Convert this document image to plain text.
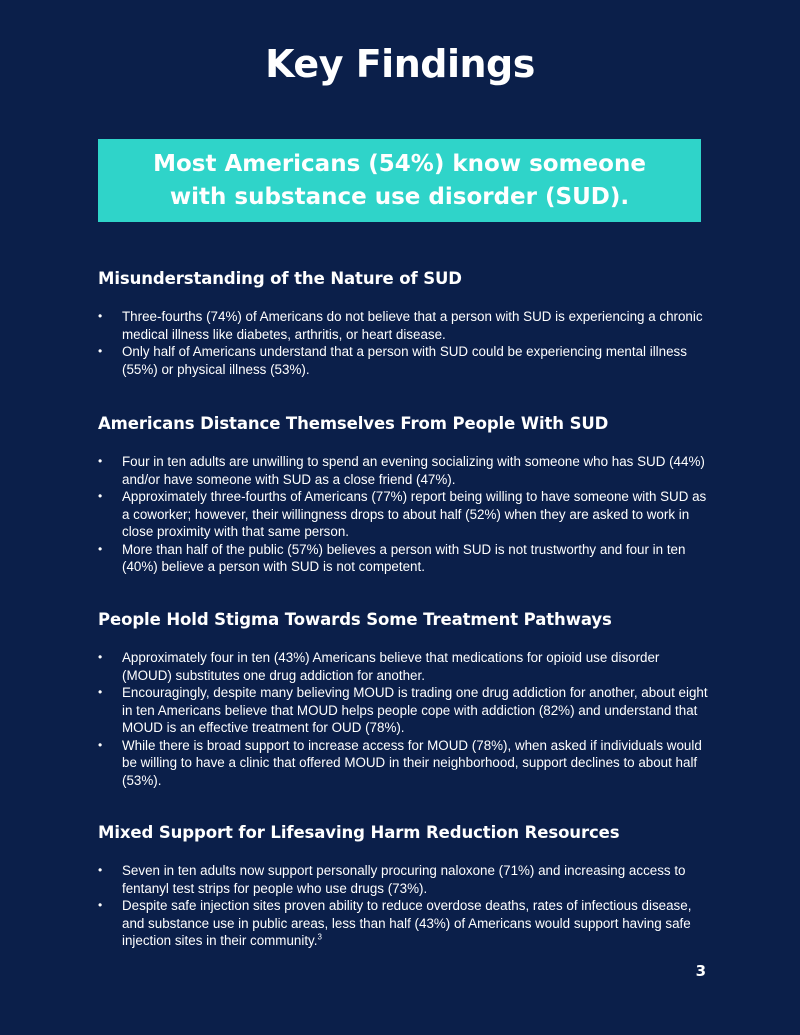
Key Findings

Most Americans (54%) know someone
with substance use disorder (SUD).

Misunderstanding of the Nature of SUD
• Three-fourths (74%) of Americans do not believe that a person with SUD is experiencing a chronic medical illness like diabetes, arthritis, or heart disease.
• Only half of Americans understand that a person with SUD could be experiencing mental illness (55%) or physical illness (53%).
Americans Distance Themselves From People With SUD
• Four in ten adults are unwilling to spend an evening socializing with someone who has SUD (44%) and/or have someone with SUD as a close friend (47%).
• Approximately three-fourths of Americans (77%) report being willing to have someone with SUD as a coworker; however, their willingness drops to about half (52%) when they are asked to work in close proximity with that same person.
• More than half of the public (57%) believes a person with SUD is not trustworthy and four in ten (40%) believe a person with SUD is not competent.
People Hold Stigma Towards Some Treatment Pathways
• Approximately four in ten (43%) Americans believe that medications for opioid use disorder (MOUD) substitutes one drug addiction for another.
• Encouragingly, despite many believing MOUD is trading one drug addiction for another, about eight in ten Americans believe that MOUD helps people cope with addiction (82%) and understand that MOUD is an effective treatment for OUD (78%).
• While there is broad support to increase access for MOUD (78%), when asked if individuals would be willing to have a clinic that offered MOUD in their neighborhood, support declines to about half (53%).
Mixed Support for Lifesaving Harm Reduction Resources
• Seven in ten adults now support personally procuring naloxone (71%) and increasing access to fentanyl test strips for people who use drugs (73%).
• Despite safe injection sites proven ability to reduce overdose deaths, rates of infectious disease, and substance use in public areas, less than half (43%) of Americans would support having safe injection sites in their community.$^3$
3
